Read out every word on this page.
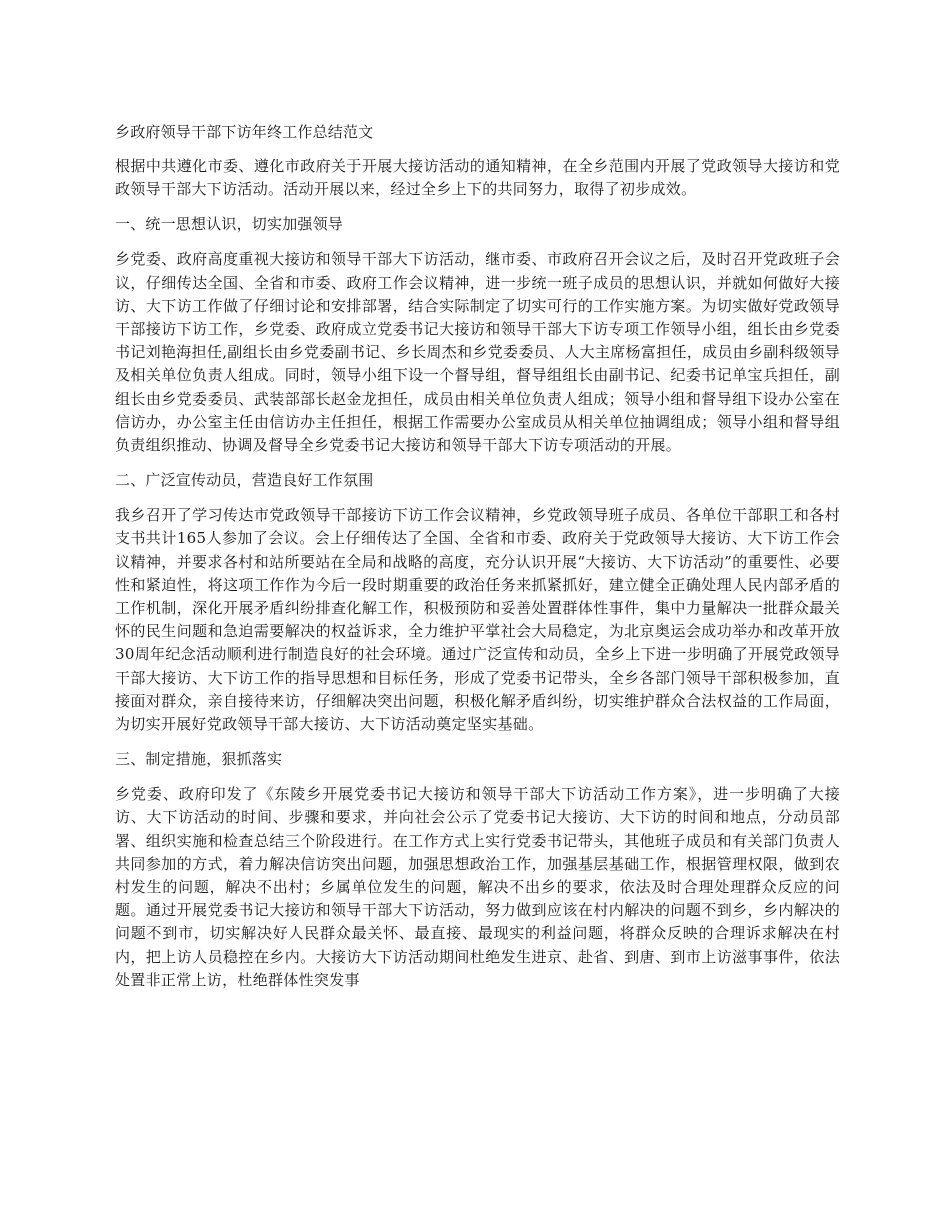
乡政府领导干部下访年终工作总结范文

根据中共遵化市委、遵化市政府关于开展大接访活动的通知精神，在全乡范围内开展了党政领导大接访和党政领导干部大下访活动。活动开展以来，经过全乡上下的共同努力，取得了初步成效。

一、统一思想认识，切实加强领导

乡党委、政府高度重视大接访和领导干部大下访活动，继市委、市政府召开会议之后，及时召开党政班子会议，仔细传达全国、全省和市委、政府工作会议精神，进一步统一班子成员的思想认识，并就如何做好大接访、大下访工作做了仔细讨论和安排部署，结合实际制定了切实可行的工作实施方案。为切实做好党政领导干部接访下访工作，乡党委、政府成立党委书记大接访和领导干部大下访专项工作领导小组，组长由乡党委书记刘艳海担任,副组长由乡党委副书记、乡长周杰和乡党委委员、人大主席杨富担任，成员由乡副科级领导及相关单位负责人组成。同时，领导小组下设一个督导组，督导组组长由副书记、纪委书记单宝兵担任，副组长由乡党委委员、武装部部长赵金龙担任，成员由相关单位负责人组成；领导小组和督导组下设办公室在信访办，办公室主任由信访办主任担任，根据工作需要办公室成员从相关单位抽调组成；领导小组和督导组负责组织推动、协调及督导全乡党委书记大接访和领导干部大下访专项活动的开展。

二、广泛宣传动员，营造良好工作氛围

我乡召开了学习传达市党政领导干部接访下访工作会议精神，乡党政领导班子成员、各单位干部职工和各村支书共计165人参加了会议。会上仔细传达了全国、全省和市委、政府关于党政领导大接访、大下访工作会议精神，并要求各村和站所要站在全局和战略的高度，充分认识开展“大接访、大下访活动”的重要性、必要性和紧迫性，将这项工作作为今后一段时期重要的政治任务来抓紧抓好，建立健全正确处理人民内部矛盾的工作机制，深化开展矛盾纠纷排查化解工作，积极预防和妥善处置群体性事件，集中力量解决一批群众最关怀的民生问题和急迫需要解决的权益诉求，全力维护平掌社会大局稳定，为北京奥运会成功举办和改革开放30周年纪念活动顺利进行制造良好的社会环境。通过广泛宣传和动员，全乡上下进一步明确了开展党政领导干部大接访、大下访工作的指导思想和目标任务，形成了党委书记带头，全乡各部门领导干部积极参加，直接面对群众，亲自接待来访，仔细解决突出问题，积极化解矛盾纠纷，切实维护群众合法权益的工作局面，为切实开展好党政领导干部大接访、大下访活动奠定坚实基础。

三、制定措施，狠抓落实

乡党委、政府印发了《东陵乡开展党委书记大接访和领导干部大下访活动工作方案》，进一步明确了大接访、大下访活动的时间、步骤和要求，并向社会公示了党委书记大接访、大下访的时间和地点，分动员部署、组织实施和检查总结三个阶段进行。在工作方式上实行党委书记带头，其他班子成员和有关部门负责人共同参加的方式，着力解决信访突出问题，加强思想政治工作，加强基层基础工作，根据管理权限，做到农村发生的问题，解决不出村；乡属单位发生的问题，解决不出乡的要求，依法及时合理处理群众反应的问题。通过开展党委书记大接访和领导干部大下访活动，努力做到应该在村内解决的问题不到乡，乡内解决的问题不到市，切实解决好人民群众最关怀、最直接、最现实的利益问题，将群众反映的合理诉求解决在村内，把上访人员稳控在乡内。大接访大下访活动期间杜绝发生进京、赴省、到唐、到市上访滋事事件，依法处置非正常上访，杜绝群体性突发事
